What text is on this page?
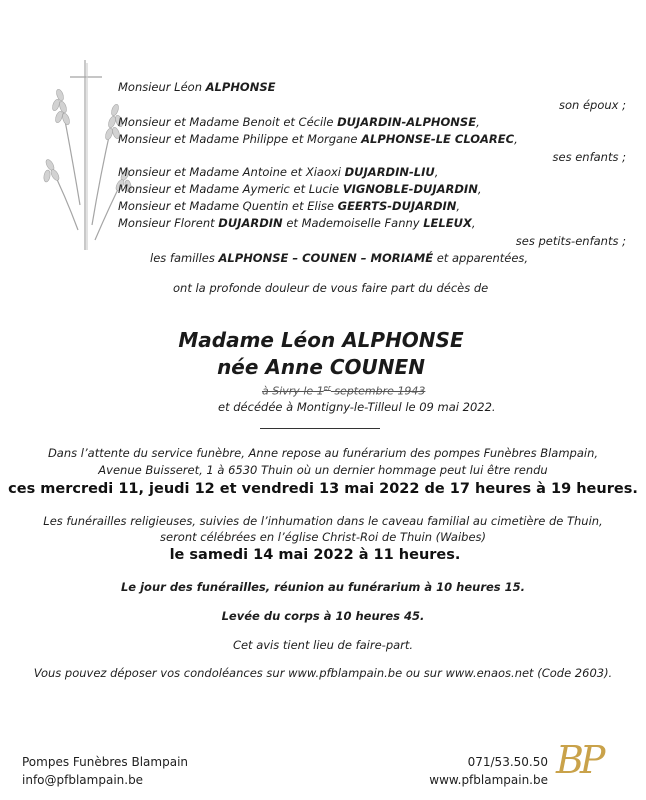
Monsieur Léon ALPHONSE
son époux ;
Monsieur et Madame Benoit et Cécile DUJARDIN-ALPHONSE,
Monsieur et Madame Philippe et Morgane ALPHONSE-LE CLOAREC,
ses enfants ;
Monsieur et Madame Antoine et Xiaoxi DUJARDIN-LIU,
Monsieur et Madame Aymeric et Lucie VIGNOBLE-DUJARDIN,
Monsieur et Madame Quentin et Elise GEERTS-DUJARDIN,
Monsieur Florent DUJARDIN et Mademoiselle Fanny LELEUX,
ses petits-enfants ;
les familles ALPHONSE – COUNEN – MORIAMÉ et apparentées,
ont la profonde douleur de vous faire part du décès de
Madame Léon ALPHONSE
née Anne COUNEN
à Sivry le 1er septembre 1943
et décédée à Montigny-le-Tilleul le 09 mai 2022.
Dans l’attente du service funèbre, Anne repose au funérarium des pompes Funèbres Blampain,
Avenue Buisseret, 1 à 6530 Thuin où un dernier hommage peut lui être rendu
ces mercredi 11, jeudi 12 et vendredi 13 mai 2022 de 17 heures à 19 heures.
Les funérailles religieuses, suivies de l’inhumation dans le caveau familial au cimetière de Thuin,
seront célébrées en l’église Christ-Roi de Thuin (Waibes)
le samedi 14 mai 2022 à 11 heures.
Le jour des funérailles, réunion au funérarium à 10 heures 15.
Levée du corps à 10 heures 45.
Cet avis tient lieu de faire-part.
Vous pouvez déposer vos condoléances sur www.pfblampain.be ou sur www.enaos.net (Code 2603).
Pompes Funèbres Blampain
info@pfblampain.be
071/53.50.50
www.pfblampain.be BP
